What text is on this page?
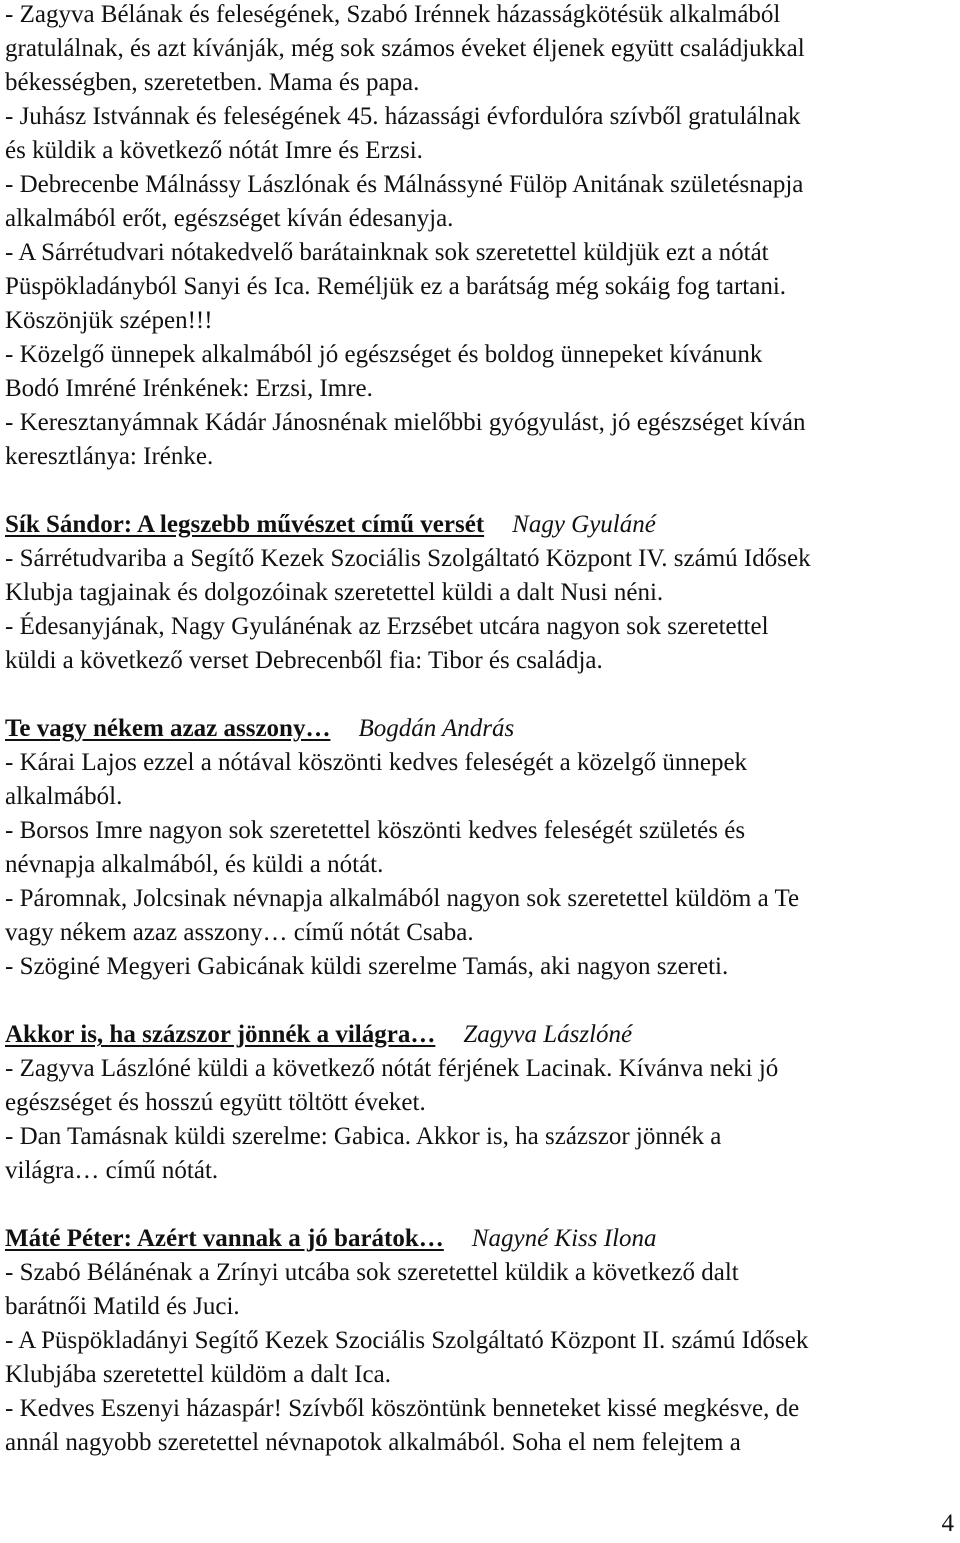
- Zagyva Bélának és feleségének, Szabó Irénnek házasságkötésük alkalmából
gratulálnak, és azt kívánják, még sok számos éveket éljenek együtt családjukkal
békességben, szeretetben. Mama és papa.
- Juhász Istvánnak és feleségének 45. házassági évfordulóra szívből gratulálnak
és küldik a következő nótát Imre és Erzsi.
- Debrecenbe Málnássy Lászlónak és Málnássyné Fülöp Anitának születésnapja
alkalmából erőt, egészséget kíván édesanyja.
- A Sárrétudvari nótakedvelő barátainknak sok szeretettel küldjük ezt a nótát
Püspökladányból Sanyi és Ica. Reméljük ez a barátság még sokáig fog tartani.
Köszönjük szépen!!!
- Közelgő ünnepek alkalmából jó egészséget és boldog ünnepeket kívánunk
Bodó Imréné Irénkének: Erzsi, Imre.
- Keresztanyámnak Kádár Jánosnénak mielőbbi gyógyulást, jó egészséget kíván
keresztlánya: Irénke.
Sík Sándor: A legszebb művészet című versét Nagy Gyuláné
- Sárrétudvariba a Segítő Kezek Szociális Szolgáltató Központ IV. számú Idősek
Klubja tagjainak és dolgozóinak szeretettel küldi a dalt Nusi néni.
- Édesanyjának, Nagy Gyulánénak az Erzsébet utcára nagyon sok szeretettel
küldi a következő verset Debrecenből fia: Tibor és családja.
Te vagy nékem azaz asszony… Bogdán András
- Kárai Lajos ezzel a nótával köszönti kedves feleségét a közelgő ünnepek
alkalmából.
- Borsos Imre nagyon sok szeretettel köszönti kedves feleségét születés és
névnapja alkalmából, és küldi a nótát.
- Páromnak, Jolcsinak névnapja alkalmából nagyon sok szeretettel küldöm a Te
vagy nékem azaz asszony… című nótát Csaba.
- Szöginé Megyeri Gabicának küldi szerelme Tamás, aki nagyon szereti.
Akkor is, ha százszor jönnék a világra… Zagyva Lászlóné
- Zagyva Lászlóné küldi a következő nótát férjének Lacinak. Kívánva neki jó
egészséget és hosszú együtt töltött éveket.
- Dan Tamásnak küldi szerelme: Gabica. Akkor is, ha százszor jönnék a
világra… című nótát.
Máté Péter: Azért vannak a jó barátok… Nagyné Kiss Ilona
- Szabó Bélánénak a Zrínyi utcába sok szeretettel küldik a következő dalt
barátnői Matild és Juci.
- A Püspökladányi Segítő Kezek Szociális Szolgáltató Központ II. számú Idősek
Klubjába szeretettel küldöm a dalt Ica.
- Kedves Eszenyi házaspár! Szívből köszöntünk benneteket kissé megkésve, de
annál nagyobb szeretettel névnapotok alkalmából. Soha el nem felejtem a
4
